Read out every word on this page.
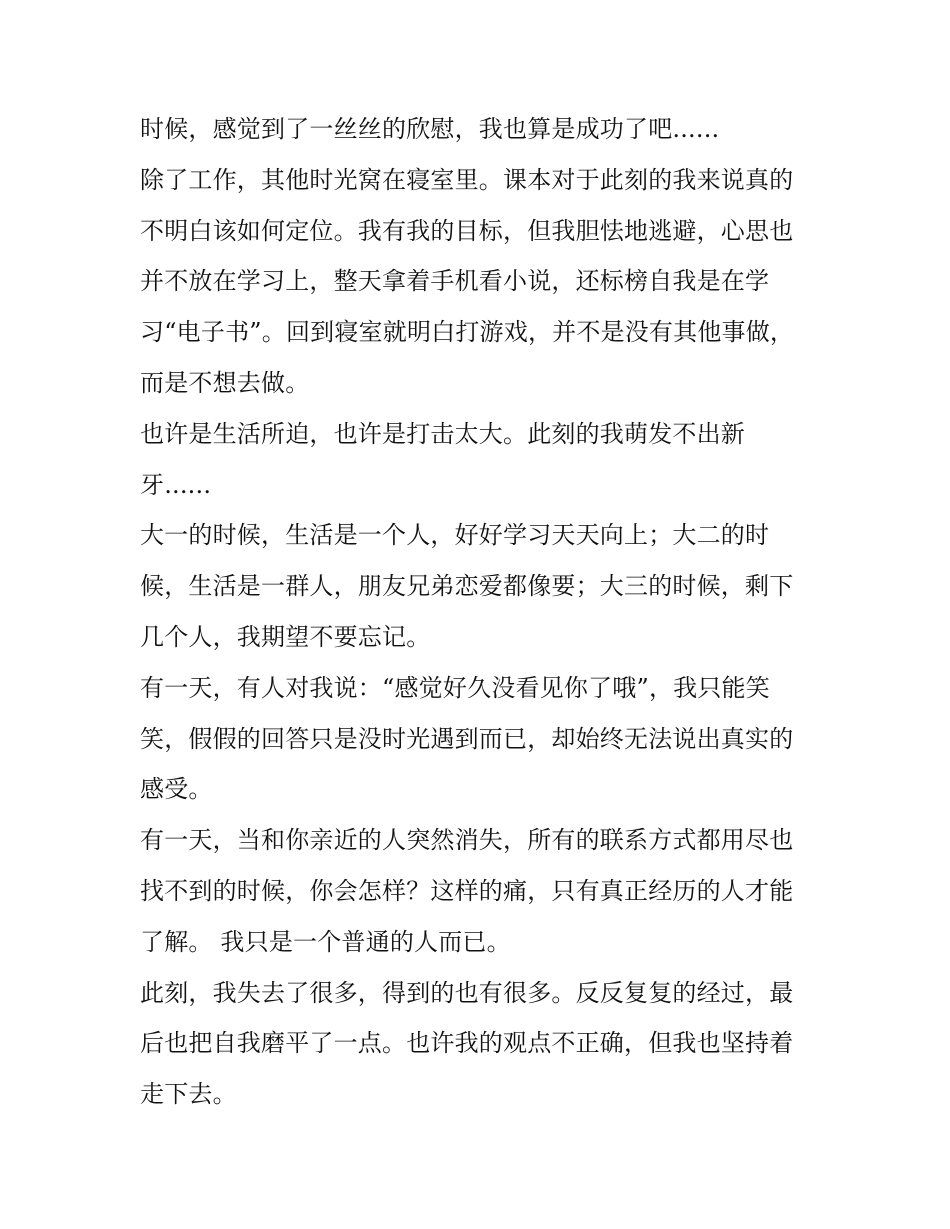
时候，感觉到了一丝丝的欣慰，我也算是成功了吧......
除了工作，其他时光窝在寝室里。课本对于此刻的我来说真的
不明白该如何定位。我有我的目标，但我胆怯地逃避，心思也
并不放在学习上，整天拿着手机看小说，还标榜自我是在学
习“电子书”。回到寝室就明白打游戏，并不是没有其他事做，
而是不想去做。
也许是生活所迫，也许是打击太大。此刻的我萌发不出新
牙......
大一的时候，生活是一个人，好好学习天天向上；大二的时
候，生活是一群人，朋友兄弟恋爱都像要；大三的时候，剩下
几个人，我期望不要忘记。
有一天，有人对我说：“感觉好久没看见你了哦”，我只能笑
笑，假假的回答只是没时光遇到而已，却始终无法说出真实的
感受。
有一天，当和你亲近的人突然消失，所有的联系方式都用尽也
找不到的时候，你会怎样？这样的痛，只有真正经历的人才能
了解。 我只是一个普通的人而已。
此刻，我失去了很多，得到的也有很多。反反复复的经过，最
后也把自我磨平了一点。也许我的观点不正确，但我也坚持着
走下去。
